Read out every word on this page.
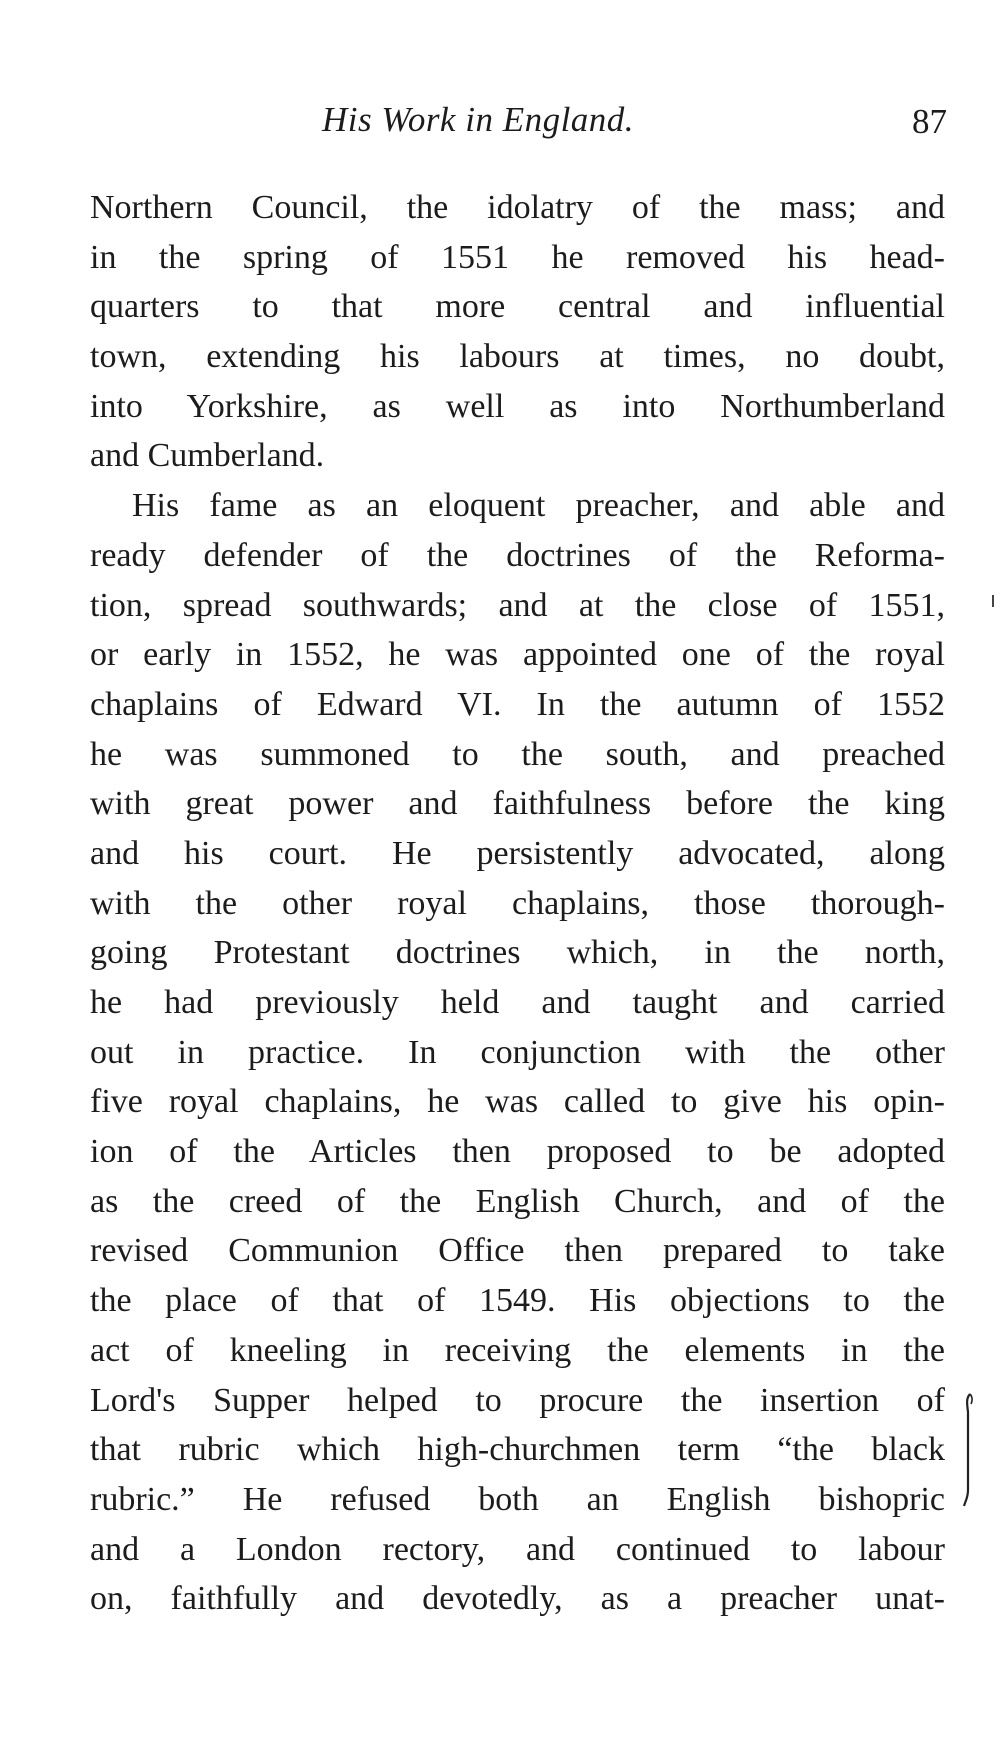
His Work in England.	87
Northern Council, the idolatry of the mass; and
in the spring of 1551 he removed his head-
quarters to that more central and influential
town, extending his labours at times, no doubt,
into Yorkshire, as well as into Northumberland
and Cumberland.
His fame as an eloquent preacher, and able and
ready defender of the doctrines of the Reforma-
tion, spread southwards; and at the close of 1551,
or early in 1552, he was appointed one of the royal
chaplains of Edward VI. In the autumn of 1552
he was summoned to the south, and preached
with great power and faithfulness before the king
and his court. He persistently advocated, along
with the other royal chaplains, those thorough-
going Protestant doctrines which, in the north,
he had previously held and taught and carried
out in practice. In conjunction with the other
five royal chaplains, he was called to give his opin-
ion of the Articles then proposed to be adopted
as the creed of the English Church, and of the
revised Communion Office then prepared to take
the place of that of 1549. His objections to the
act of kneeling in receiving the elements in the
Lord's Supper helped to procure the insertion of
that rubric which high-churchmen term “the black
rubric.” He refused both an English bishopric
and a London rectory, and continued to labour
on, faithfully and devotedly, as a preacher unat-
